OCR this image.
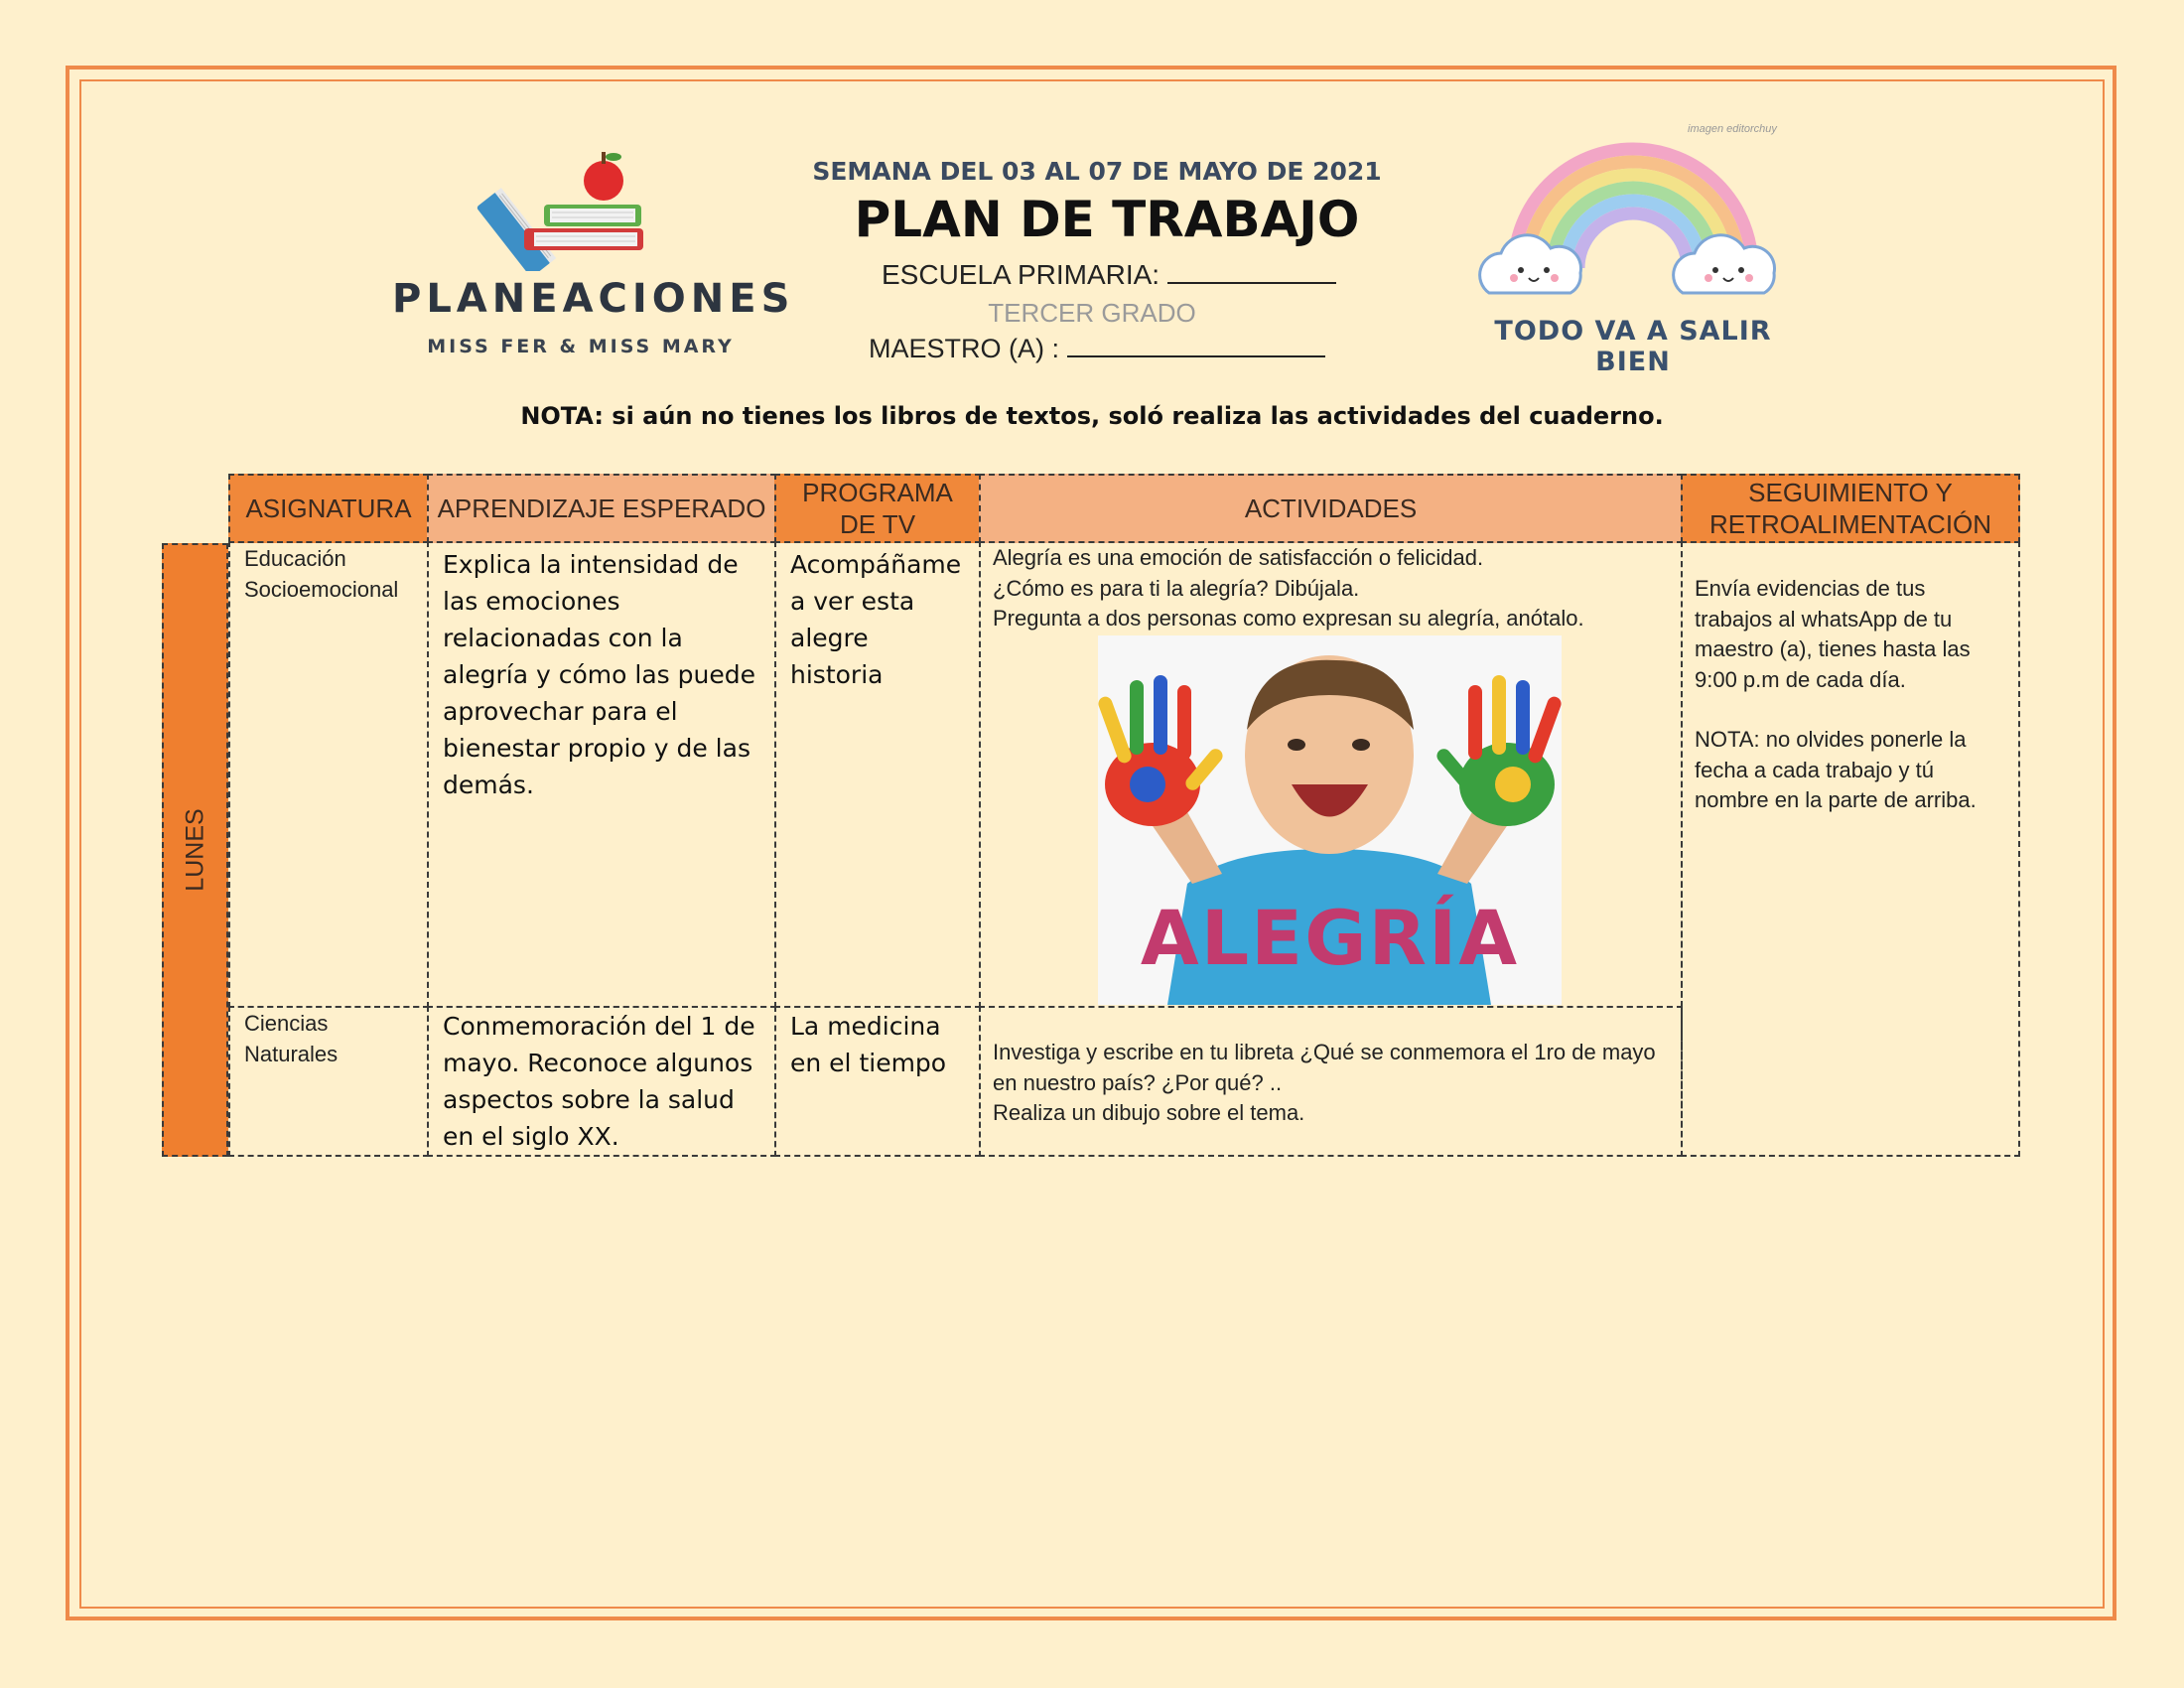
PLANEACIONES
MISS FER & MISS MARY
SEMANA DEL 03 AL 07 DE MAYO DE 2021
PLAN DE TRABAJO
ESCUELA PRIMARIA:
TERCER GRADO
MAESTRO (A) :
TODO VA A SALIR BIEN
imagen editorchuy
NOTA: si aún no tienes los libros de textos, soló realiza las actividades del cuaderno.
ASIGNATURA	APRENDIZAJE ESPERADO
PROGRAMA DE TV
ACTIVIDADES
SEGUIMIENTO Y RETROALIMENTACIÓN
LUNES
Educación Socioemocional
Explica la intensidad de las emociones relacionadas con la alegría y cómo las puede aprovechar para el bienestar propio y de las demás.
Acompáñame a ver esta alegre historia
Alegría es una emoción de satisfacción o felicidad.
¿Cómo es para ti la alegría? Dibújala.
Pregunta a dos personas como expresan su alegría, anótalo.
ALEGRÍA
Envía evidencias de tus trabajos al whatsApp de tu maestro (a), tienes hasta las 9:00 p.m de cada día.
NOTA: no olvides ponerle la fecha a cada trabajo y tú nombre en la parte de arriba.
Ciencias Naturales
Conmemoración del 1 de mayo. Reconoce algunos aspectos sobre la salud en el siglo XX.
La medicina en el tiempo	Investiga y escribe en tu libreta ¿Qué se conmemora el 1ro de mayo en nuestro país? ¿Por qué? ..
Realiza un dibujo sobre el tema.
